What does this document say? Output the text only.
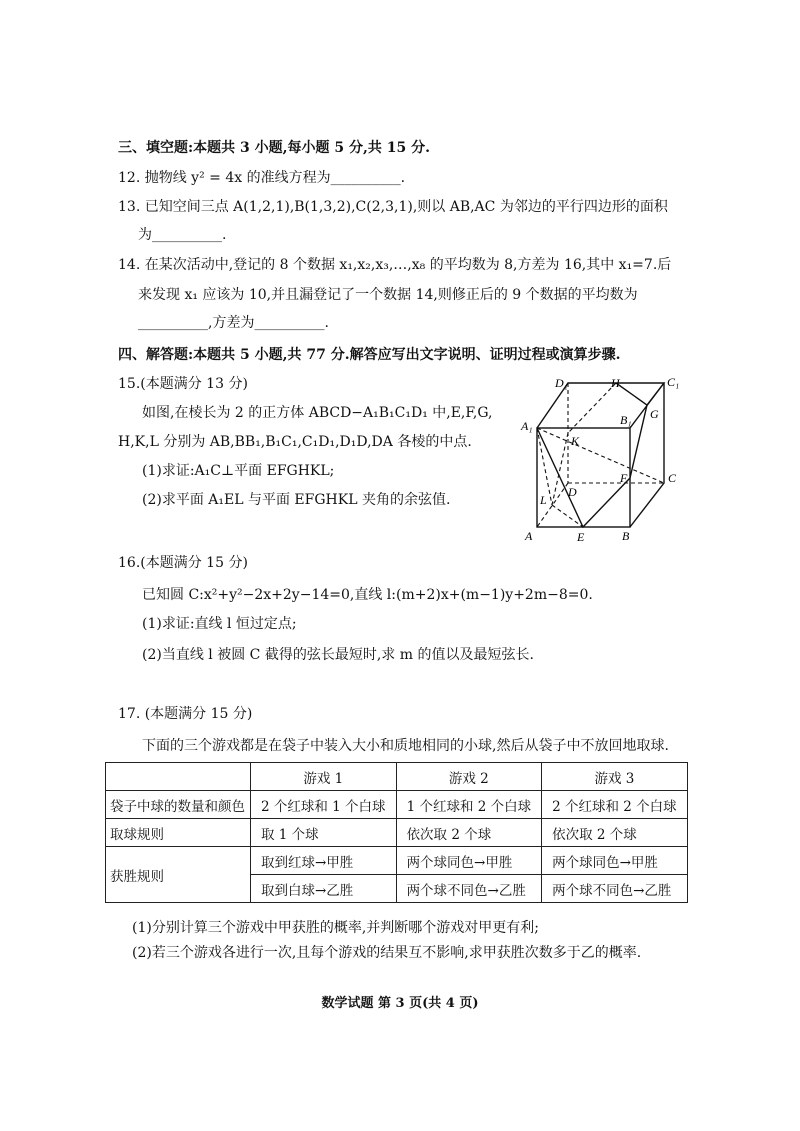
三、填空题:本题共 3 小题,每小题 5 分,共 15 分.
12. 抛物线 y² = 4x 的准线方程为__________.
13. 已知空间三点 A(1,2,1),B(1,3,2),C(2,3,1),则以 AB,AC 为邻边的平行四边形的面积
为__________.
14. 在某次活动中,登记的 8 个数据 x₁,x₂,x₃,…,x₈ 的平均数为 8,方差为 16,其中 x₁=7.后
来发现 x₁ 应该为 10,并且漏登记了一个数据 14,则修正后的 9 个数据的平均数为
__________,方差为__________.
四、解答题:本题共 5 小题,共 77 分.解答应写出文字说明、证明过程或演算步骤.
15.(本题满分 13 分)
如图,在棱长为 2 的正方体 ABCD−A₁B₁C₁D₁ 中,E,F,G,
H,K,L 分别为 AB,BB₁,B₁C₁,C₁D₁,D₁D,DA 各棱的中点.
(1)求证:A₁C⊥平面 EFGHKL;
(2)求平面 A₁EL 与平面 EFGHKL 夹角的余弦值.
A	B
C
D
A₁	B₁
C₁
D₁
E
F
G
H
K
L
16.(本题满分 15 分)
已知圆 C:x²+y²−2x+2y−14=0,直线 l:(m+2)x+(m−1)y+2m−8=0.
(1)求证:直线 l 恒过定点;
(2)当直线 l 被圆 C 截得的弦长最短时,求 m 的值以及最短弦长.
17. (本题满分 15 分)
下面的三个游戏都是在袋子中装入大小和质地相同的小球,然后从袋子中不放回地取球.
	游戏 1	游戏 2	游戏 3
袋子中球的数量和颜色	2 个红球和 1 个白球	1 个红球和 2 个白球	2 个红球和 2 个白球
取球规则	取 1 个球	依次取 2 个球	依次取 2 个球
获胜规则	取到红球→甲胜	两个球同色→甲胜	两个球同色→甲胜
	取到白球→乙胜	两个球不同色→乙胜	两个球不同色→乙胜
(1)分别计算三个游戏中甲获胜的概率,并判断哪个游戏对甲更有利;
(2)若三个游戏各进行一次,且每个游戏的结果互不影响,求甲获胜次数多于乙的概率.
数学试题 第 3 页(共 4 页)
